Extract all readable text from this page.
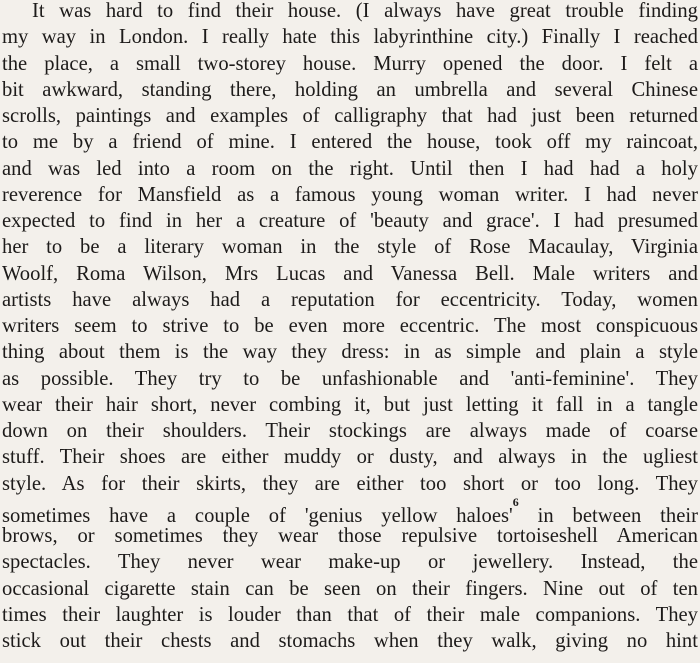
It was hard to find their house. (I always have great trouble finding
my way in London. I really hate this labyrinthine city.) Finally I reached
the place, a small two-storey house. Murry opened the door. I felt a
bit awkward, standing there, holding an umbrella and several Chinese
scrolls, paintings and examples of calligraphy that had just been returned
to me by a friend of mine. I entered the house, took off my raincoat,
and was led into a room on the right. Until then I had had a holy
reverence for Mansfield as a famous young woman writer. I had never
expected to find in her a creature of 'beauty and grace'. I had presumed
her to be a literary woman in the style of Rose Macaulay, Virginia
Woolf, Roma Wilson, Mrs Lucas and Vanessa Bell. Male writers and
artists have always had a reputation for eccentricity. Today, women
writers seem to strive to be even more eccentric. The most conspicuous
thing about them is the way they dress: in as simple and plain a style
as possible. They try to be unfashionable and 'anti-feminine'. They
wear their hair short, never combing it, but just letting it fall in a tangle
down on their shoulders. Their stockings are always made of coarse
stuff. Their shoes are either muddy or dusty, and always in the ugliest
style. As for their skirts, they are either too short or too long. They
sometimes have a couple of 'genius yellow haloes'$^6$ in between their
brows, or sometimes they wear those repulsive tortoiseshell American
spectacles. They never wear make-up or jewellery. Instead, the
occasional cigarette stain can be seen on their fingers. Nine out of ten
times their laughter is louder than that of their male companions. They
stick out their chests and stomachs when they walk, giving no hint
